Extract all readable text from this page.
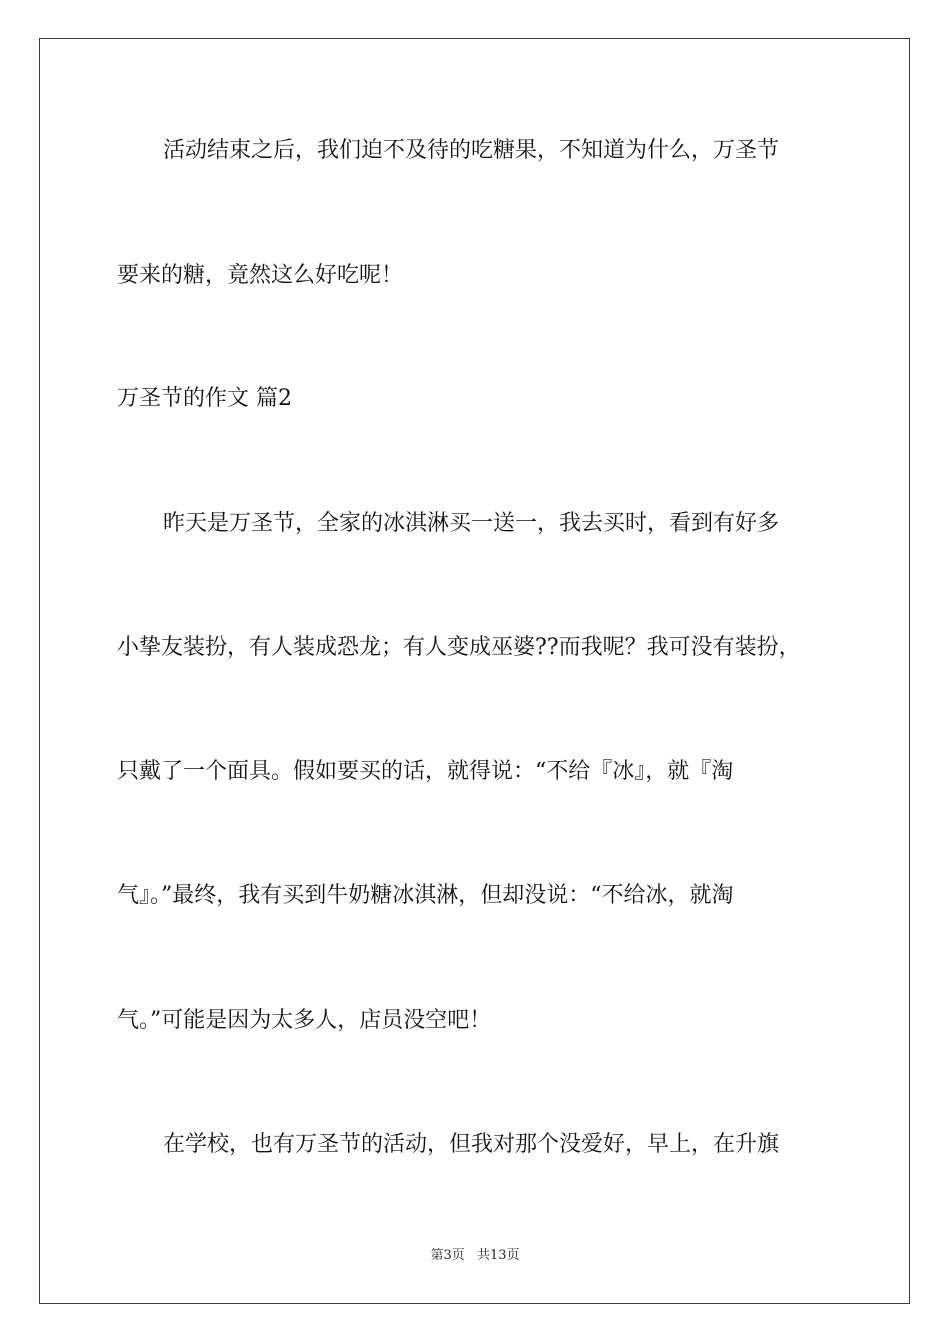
活动结束之后，我们迫不及待的吃糖果，不知道为什么，万圣节
要来的糖，竟然这么好吃呢！
万圣节的作文 篇2
昨天是万圣节，全家的冰淇淋买一送一，我去买时，看到有好多
小挚友装扮，有人装成恐龙；有人变成巫婆??而我呢？我可没有装扮，
只戴了一个面具。假如要买的话，就得说：“不给『冰』，就『淘
气』。”最终，我有买到牛奶糖冰淇淋，但却没说：“不给冰，就淘
气。”可能是因为太多人，店员没空吧！
在学校，也有万圣节的活动，但我对那个没爱好，早上，在升旗
第3页 共13页
